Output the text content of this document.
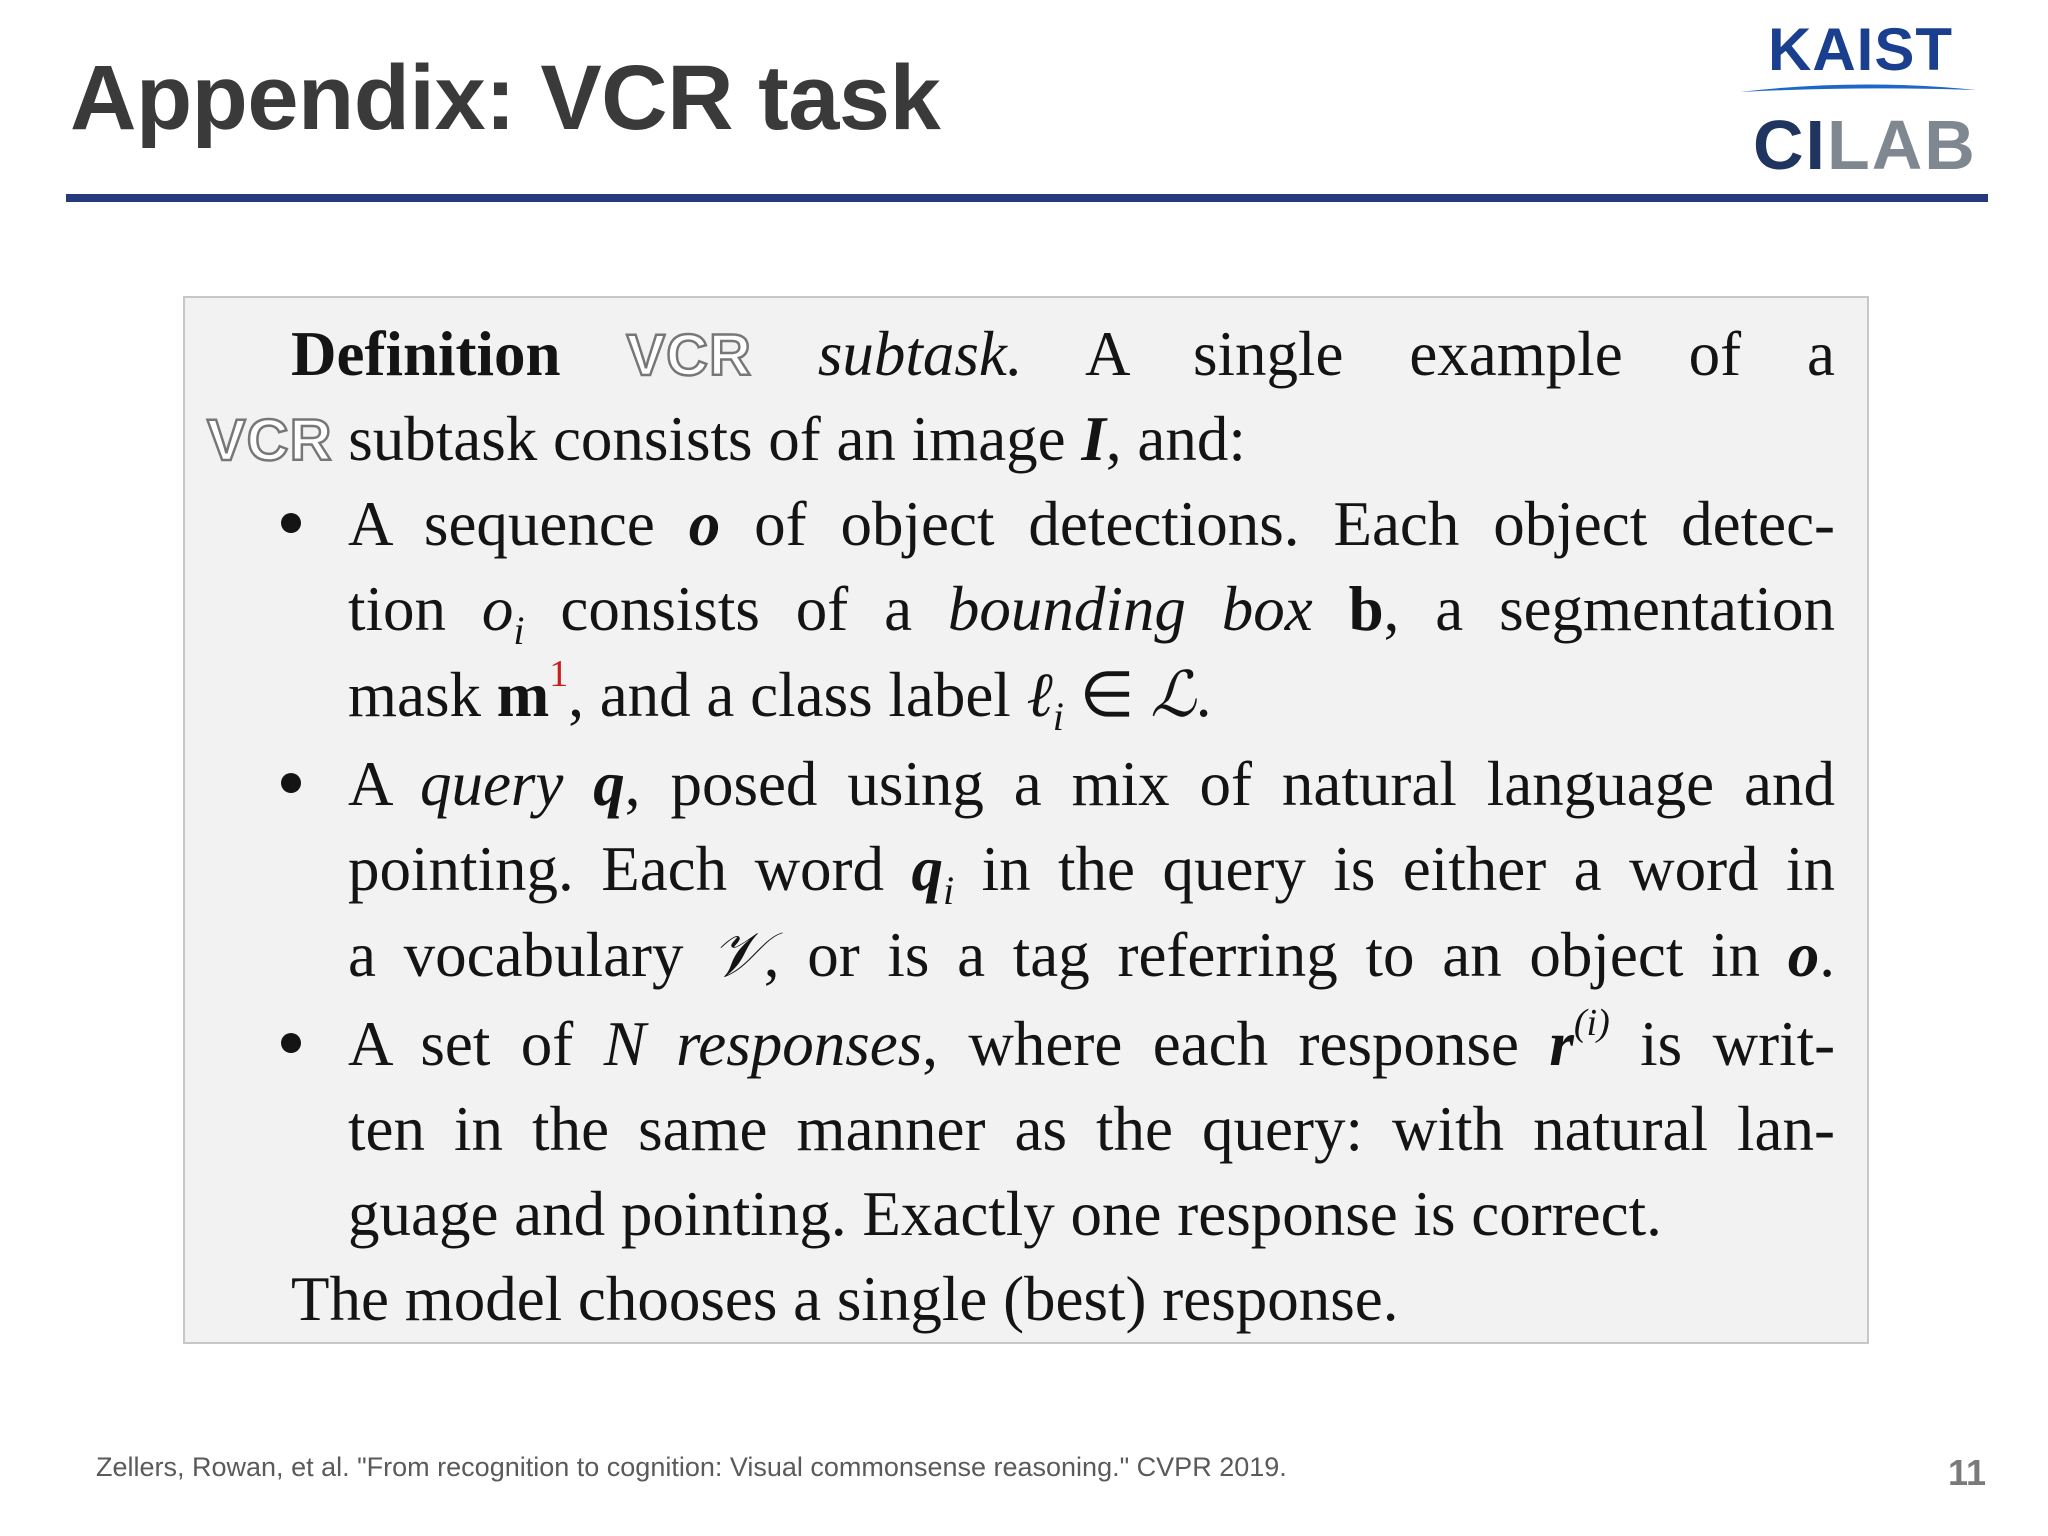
Appendix: VCR task	KAIST
CILAB
Definition VCR subtask. A single example of a
VCR subtask consists of an image I, and:
A sequence o of object detections. Each object detec-
tion $o_i$ consists of a bounding box b, a segmentation
mask $m^1$, and a class label ℓ$_i$ ∈ ℒ.
A query q, posed using a mix of natural language and
pointing. Each word $q_i$ in the query is either a word in
a vocabulary 𝒱, or is a tag referring to an object in o.
A set of N responses, where each response $r^{(i)}$ is writ-
ten in the same manner as the query: with natural lan-
guage and pointing. Exactly one response is correct.
The model chooses a single (best) response.
Zellers, Rowan, et al. "From recognition to cognition: Visual commonsense reasoning." CVPR 2019.	11
